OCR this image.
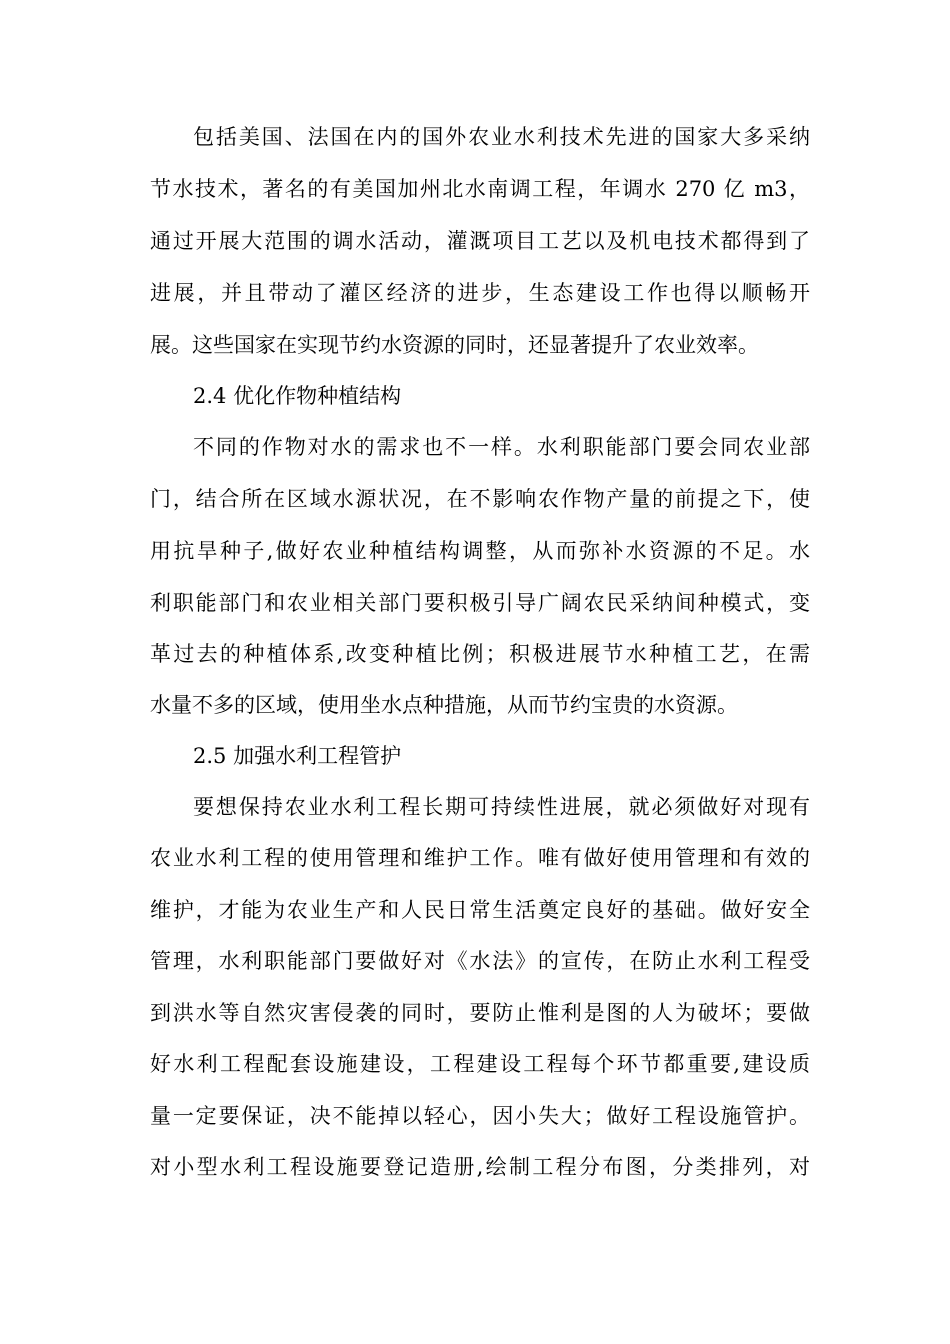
包括美国、法国在内的国外农业水利技术先进的国家大多采纳
节水技术，著名的有美国加州北水南调工程，年调水 270 亿 m3，
通过开展大范围的调水活动，灌溉项目工艺以及机电技术都得到了
进展，并且带动了灌区经济的进步，生态建设工作也得以顺畅开
展。这些国家在实现节约水资源的同时，还显著提升了农业效率。
2.4 优化作物种植结构
不同的作物对水的需求也不一样。水利职能部门要会同农业部
门，结合所在区域水源状况，在不影响农作物产量的前提之下，使
用抗旱种子,做好农业种植结构调整，从而弥补水资源的不足。水
利职能部门和农业相关部门要积极引导广阔农民采纳间种模式，变
革过去的种植体系,改变种植比例；积极进展节水种植工艺，在需
水量不多的区域，使用坐水点种措施，从而节约宝贵的水资源。
2.5 加强水利工程管护
要想保持农业水利工程长期可持续性进展，就必须做好对现有
农业水利工程的使用管理和维护工作。唯有做好使用管理和有效的
维护，才能为农业生产和人民日常生活奠定良好的基础。做好安全
管理，水利职能部门要做好对《水法》的宣传，在防止水利工程受
到洪水等自然灾害侵袭的同时，要防止惟利是图的人为破坏；要做
好水利工程配套设施建设，工程建设工程每个环节都重要,建设质
量一定要保证，决不能掉以轻心，因小失大；做好工程设施管护。
对小型水利工程设施要登记造册,绘制工程分布图，分类排列，对
